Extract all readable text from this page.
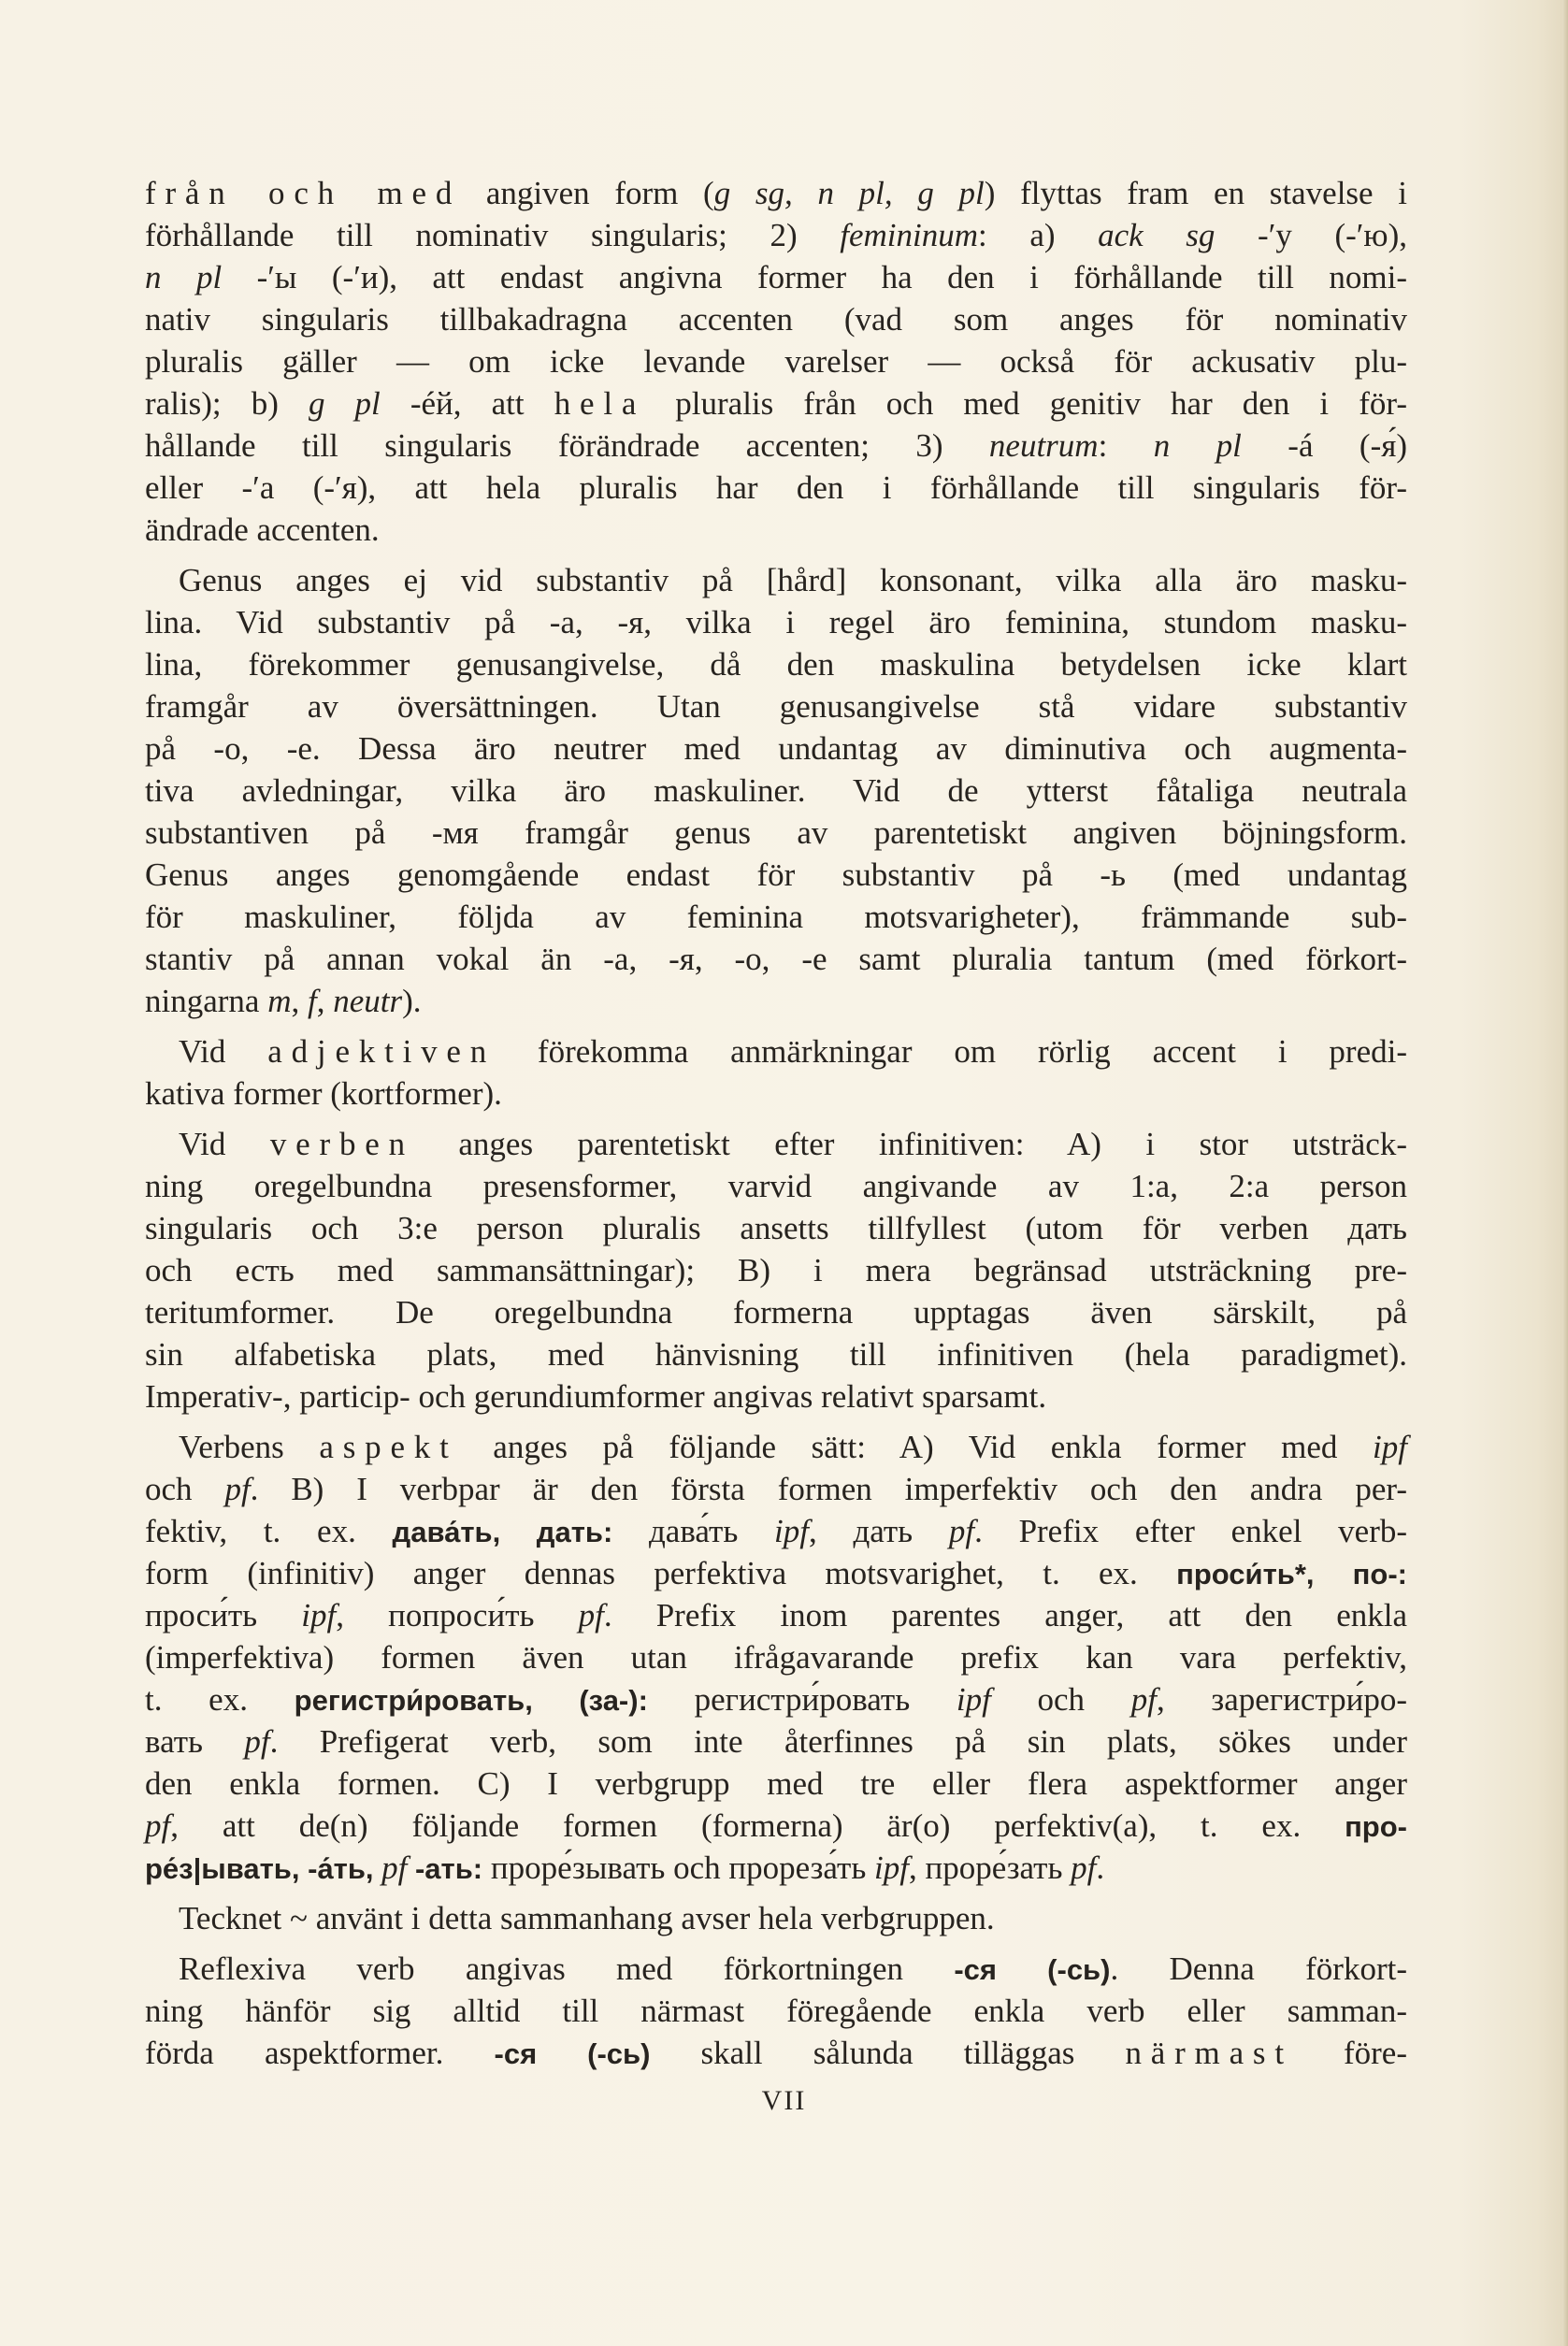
från och med angiven form (g sg, n pl, g pl) flyttas fram en stavelse i
förhållande till nominativ singularis; 2) femininum: a) ack sg -′у (-′ю),
n pl -′ы (-′и), att endast angivna former ha den i förhållande till nomi-
nativ singularis tillbakadragna accenten (vad som anges för nominativ
pluralis gäller — om icke levande varelser — också för ackusativ plu-
ralis); b) g pl -éй, att hela pluralis från och med genitiv har den i för-
hållande till singularis förändrade accenten; 3) neutrum: n pl -á (-я́)
eller -′а (-′я), att hela pluralis har den i förhållande till singularis för-
ändrade accenten.
Genus anges ej vid substantiv på [hård] konsonant, vilka alla äro masku-
lina. Vid substantiv på -а, -я, vilka i regel äro feminina, stundom masku-
lina, förekommer genusangivelse, då den maskulina betydelsen icke klart
framgår av översättningen. Utan genusangivelse stå vidare substantiv
på -о, -е. Dessa äro neutrer med undantag av diminutiva och augmenta-
tiva avledningar, vilka äro maskuliner. Vid de ytterst fåtaliga neutrala
substantiven på -мя framgår genus av parentetiskt angiven böjningsform.
Genus anges genomgående endast för substantiv på -ь (med undantag
för maskuliner, följda av feminina motsvarigheter), främmande sub-
stantiv på annan vokal än -а, -я, -о, -е samt pluralia tantum (med förkort-
ningarna m, f, neutr).
Vid adjektiven förekomma anmärkningar om rörlig accent i predi-
kativa former (kortformer).
Vid verben anges parentetiskt efter infinitiven: A) i stor utsträck-
ning oregelbundna presensformer, varvid angivande av 1:a, 2:a person
singularis och 3:e person pluralis ansetts tillfyllest (utom för verben дать
och есть med sammansättningar); B) i mera begränsad utsträckning pre-
teritumformer. De oregelbundna formerna upptagas även särskilt, på
sin alfabetiska plats, med hänvisning till infinitiven (hela paradigmet).
Imperativ-, particip- och gerundiumformer angivas relativt sparsamt.
Verbens aspekt anges på följande sätt: A) Vid enkla former med ipf
och pf. B) I verbpar är den första formen imperfektiv och den andra per-
fektiv, t. ex. дава́ть, дать: дава́ть ipf, дать pf. Prefix efter enkel verb-
form (infinitiv) anger dennas perfektiva motsvarighet, t. ex. проси́ть*, по-:
проси́ть ipf, попроси́ть pf. Prefix inom parentes anger, att den enkla
(imperfektiva) formen även utan ifrågavarande prefix kan vara perfektiv,
t. ex. регистри́ровать, (за-): регистри́ровать ipf och pf, зарегистри́ро-
вать pf. Prefigerat verb, som inte återfinnes på sin plats, sökes under
den enkla formen. C) I verbgrupp med tre eller flera aspektformer anger
pf, att de(n) följande formen (formerna) är(o) perfektiv(a), t. ex. про-
ре́з|ывать, -а́ть, pf -ать: проре́зывать och прореза́ть ipf, проре́зать pf.
Tecknet ~ använt i detta sammanhang avser hela verbgruppen.
Reflexiva verb angivas med förkortningen -ся (-сь). Denna förkort-
ning hänför sig alltid till närmast föregående enkla verb eller samman-
förda aspektformer. -ся (-сь) skall sålunda tilläggas närmast före-
VII
